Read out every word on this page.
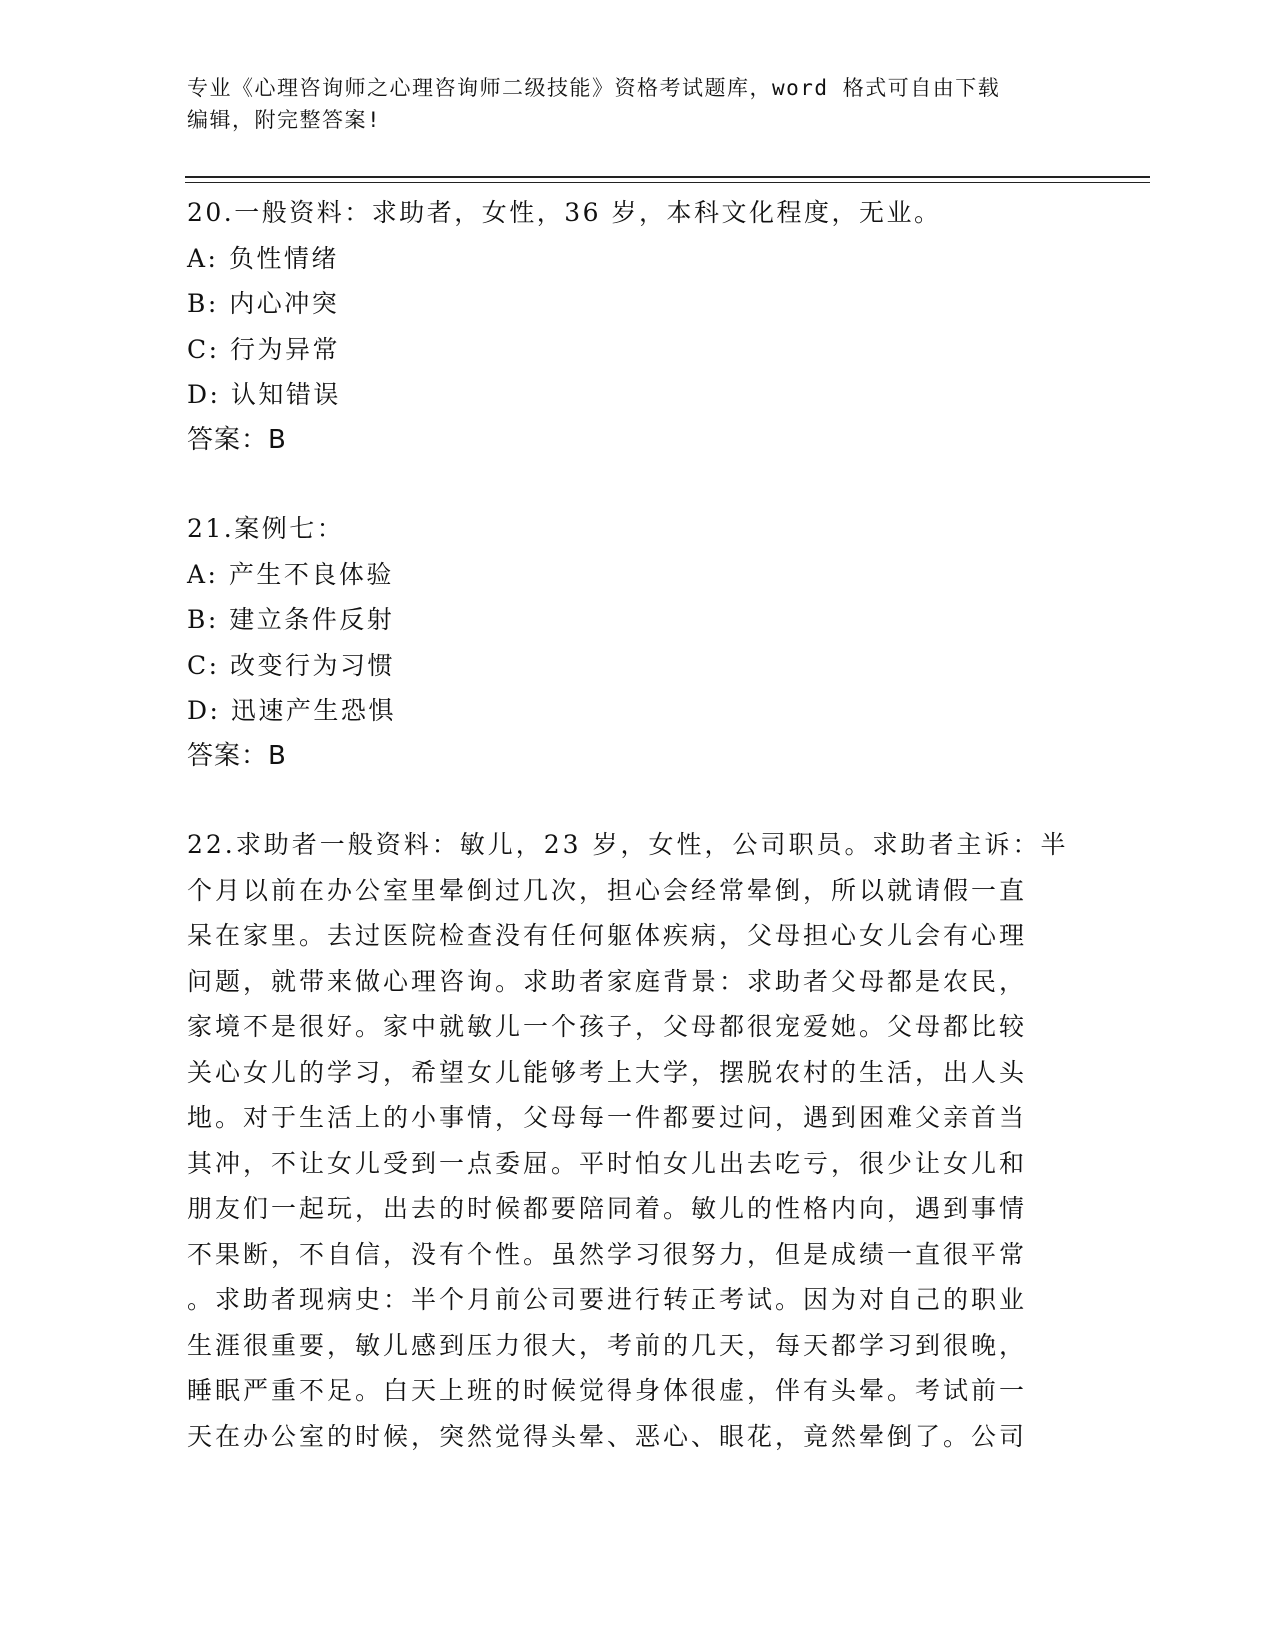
专业《心理咨询师之心理咨询师二级技能》资格考试题库，word 格式可自由下载
编辑，附完整答案!
20.一般资料：求助者，女性，36 岁，本科文化程度，无业。
A: 负性情绪
B: 内心冲突
C: 行为异常
D: 认知错误
答案：B
21.案例七：
A: 产生不良体验
B: 建立条件反射
C: 改变行为习惯
D: 迅速产生恐惧
答案：B
22.求助者一般资料：敏儿，23 岁，女性，公司职员。求助者主诉：半
个月以前在办公室里晕倒过几次，担心会经常晕倒，所以就请假一直
呆在家里。去过医院检查没有任何躯体疾病，父母担心女儿会有心理
问题，就带来做心理咨询。求助者家庭背景：求助者父母都是农民，
家境不是很好。家中就敏儿一个孩子，父母都很宠爱她。父母都比较
关心女儿的学习，希望女儿能够考上大学，摆脱农村的生活，出人头
地。对于生活上的小事情，父母每一件都要过问，遇到困难父亲首当
其冲，不让女儿受到一点委屈。平时怕女儿出去吃亏，很少让女儿和
朋友们一起玩，出去的时候都要陪同着。敏儿的性格内向，遇到事情
不果断，不自信，没有个性。虽然学习很努力，但是成绩一直很平常
。求助者现病史：半个月前公司要进行转正考试。因为对自己的职业
生涯很重要，敏儿感到压力很大，考前的几天，每天都学习到很晚，
睡眠严重不足。白天上班的时候觉得身体很虚，伴有头晕。考试前一
天在办公室的时候，突然觉得头晕、恶心、眼花，竟然晕倒了。公司
